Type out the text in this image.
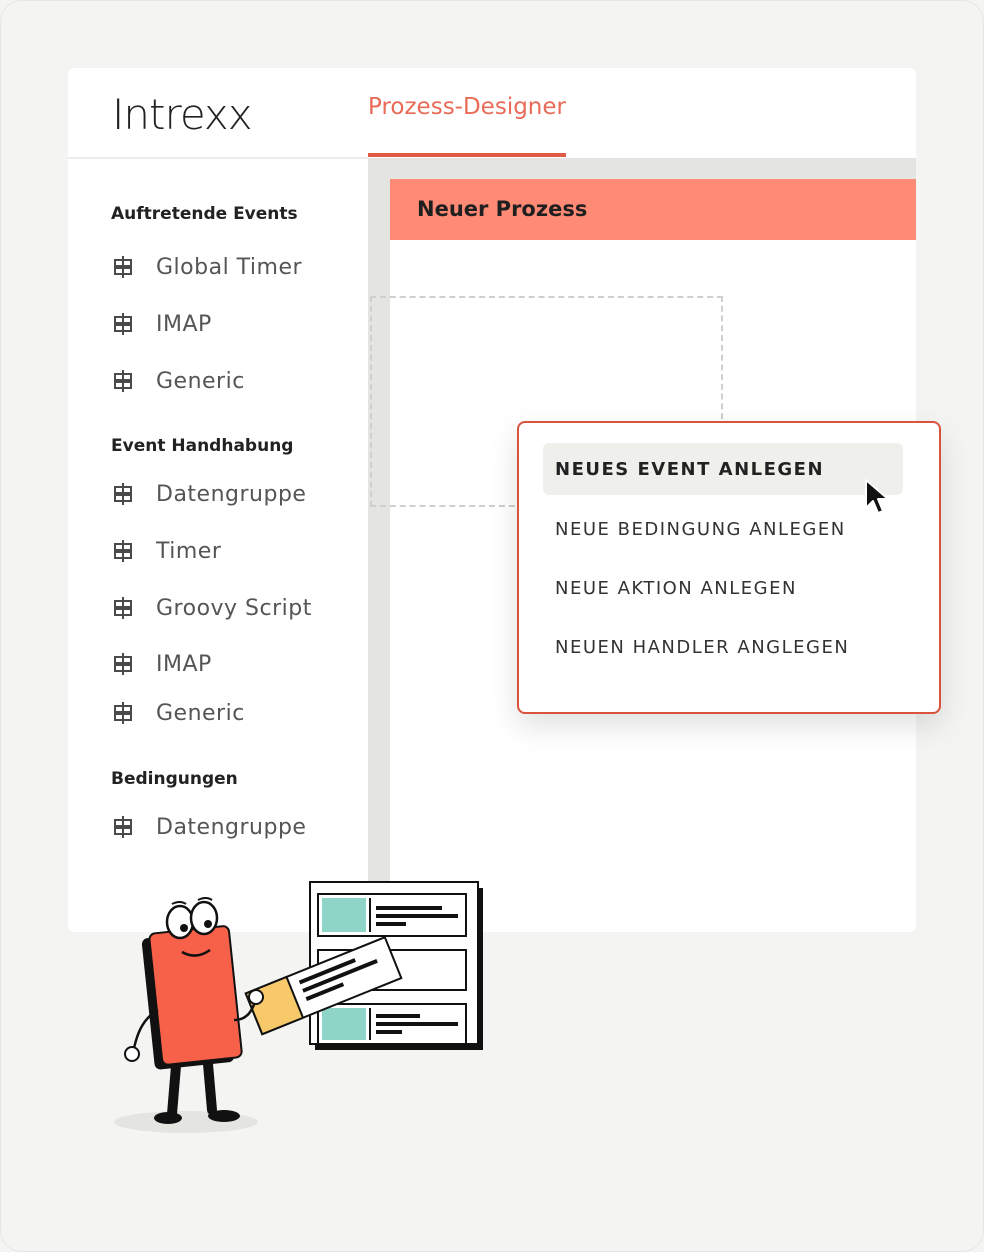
Intrexx	Prozess-Designer
Auftretende Events
Global Timer
IMAP
Generic
Event Handhabung
Datengruppe
Timer
Groovy Script
IMAP
Generic
Bedingungen
Datengruppe
Neuer Prozess
NEUES EVENT ANLEGEN
NEUE BEDINGUNG ANLEGEN
NEUE AKTION ANLEGEN
NEUEN HANDLER ANGLEGEN
